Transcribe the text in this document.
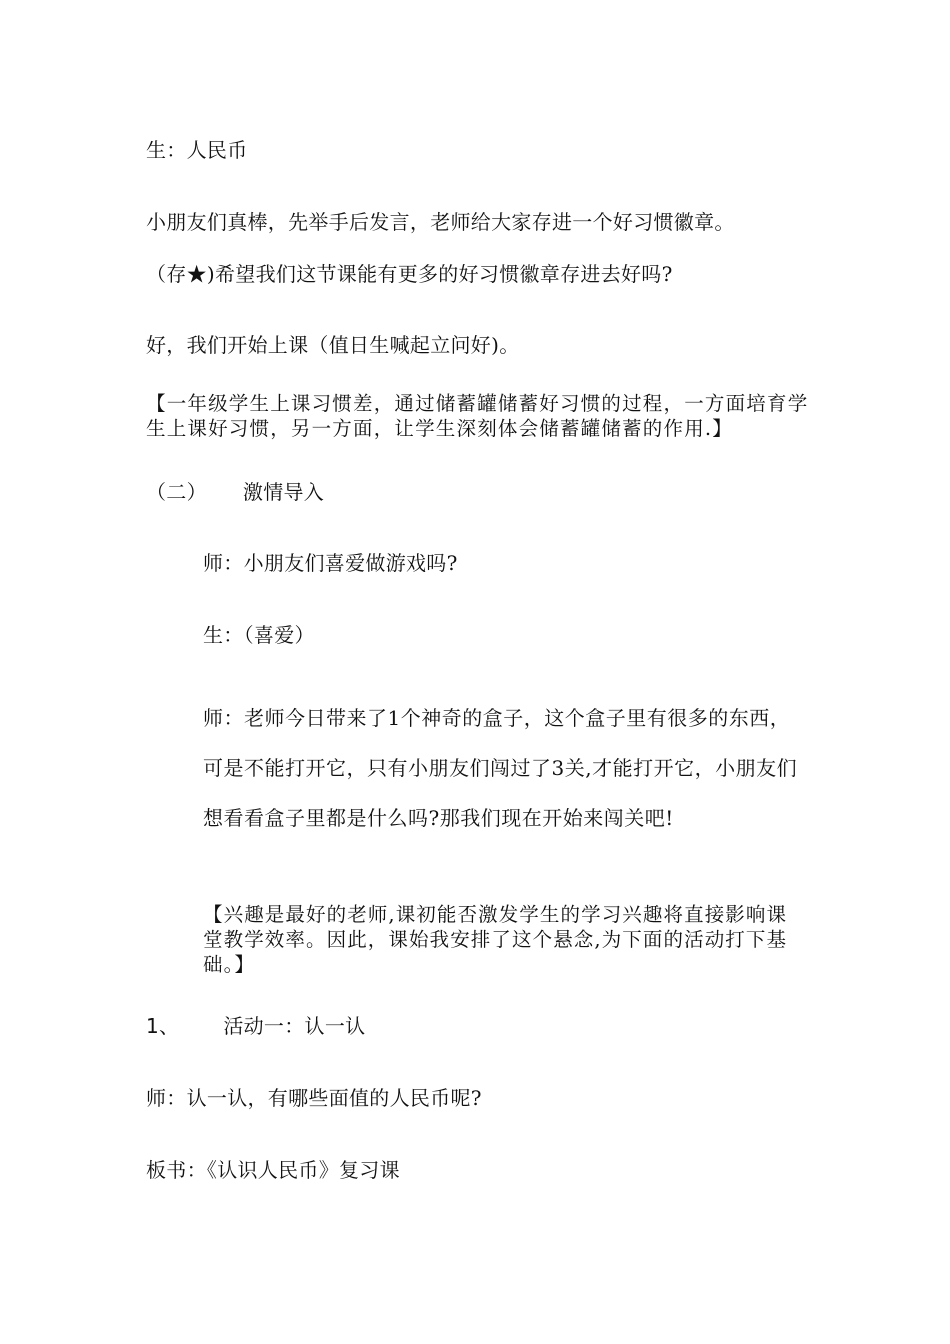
生：人民币
小朋友们真棒，先举手后发言，老师给大家存进一个好习惯徽章。
（存★)希望我们这节课能有更多的好习惯徽章存进去好吗?
好，我们开始上课（值日生喊起立问好)。
【一年级学生上课习惯差，通过储蓄罐储蓄好习惯的过程，一方面培育学生上课好习惯，另一方面，让学生深刻体会储蓄罐储蓄的作用.】
（二） 激情导入
师：小朋友们喜爱做游戏吗?
生：（喜爱）
师：老师今日带来了1个神奇的盒子，这个盒子里有很多的东西，可是不能打开它，只有小朋友们闯过了3关,才能打开它，小朋友们想看看盒子里都是什么吗?那我们现在开始来闯关吧!
【兴趣是最好的老师,课初能否激发学生的学习兴趣将直接影响课堂教学效率。因此，课始我安排了这个悬念,为下面的活动打下基础。】
1、 活动一：认一认
师：认一认，有哪些面值的人民币呢?
板书：《认识人民币》复习课
